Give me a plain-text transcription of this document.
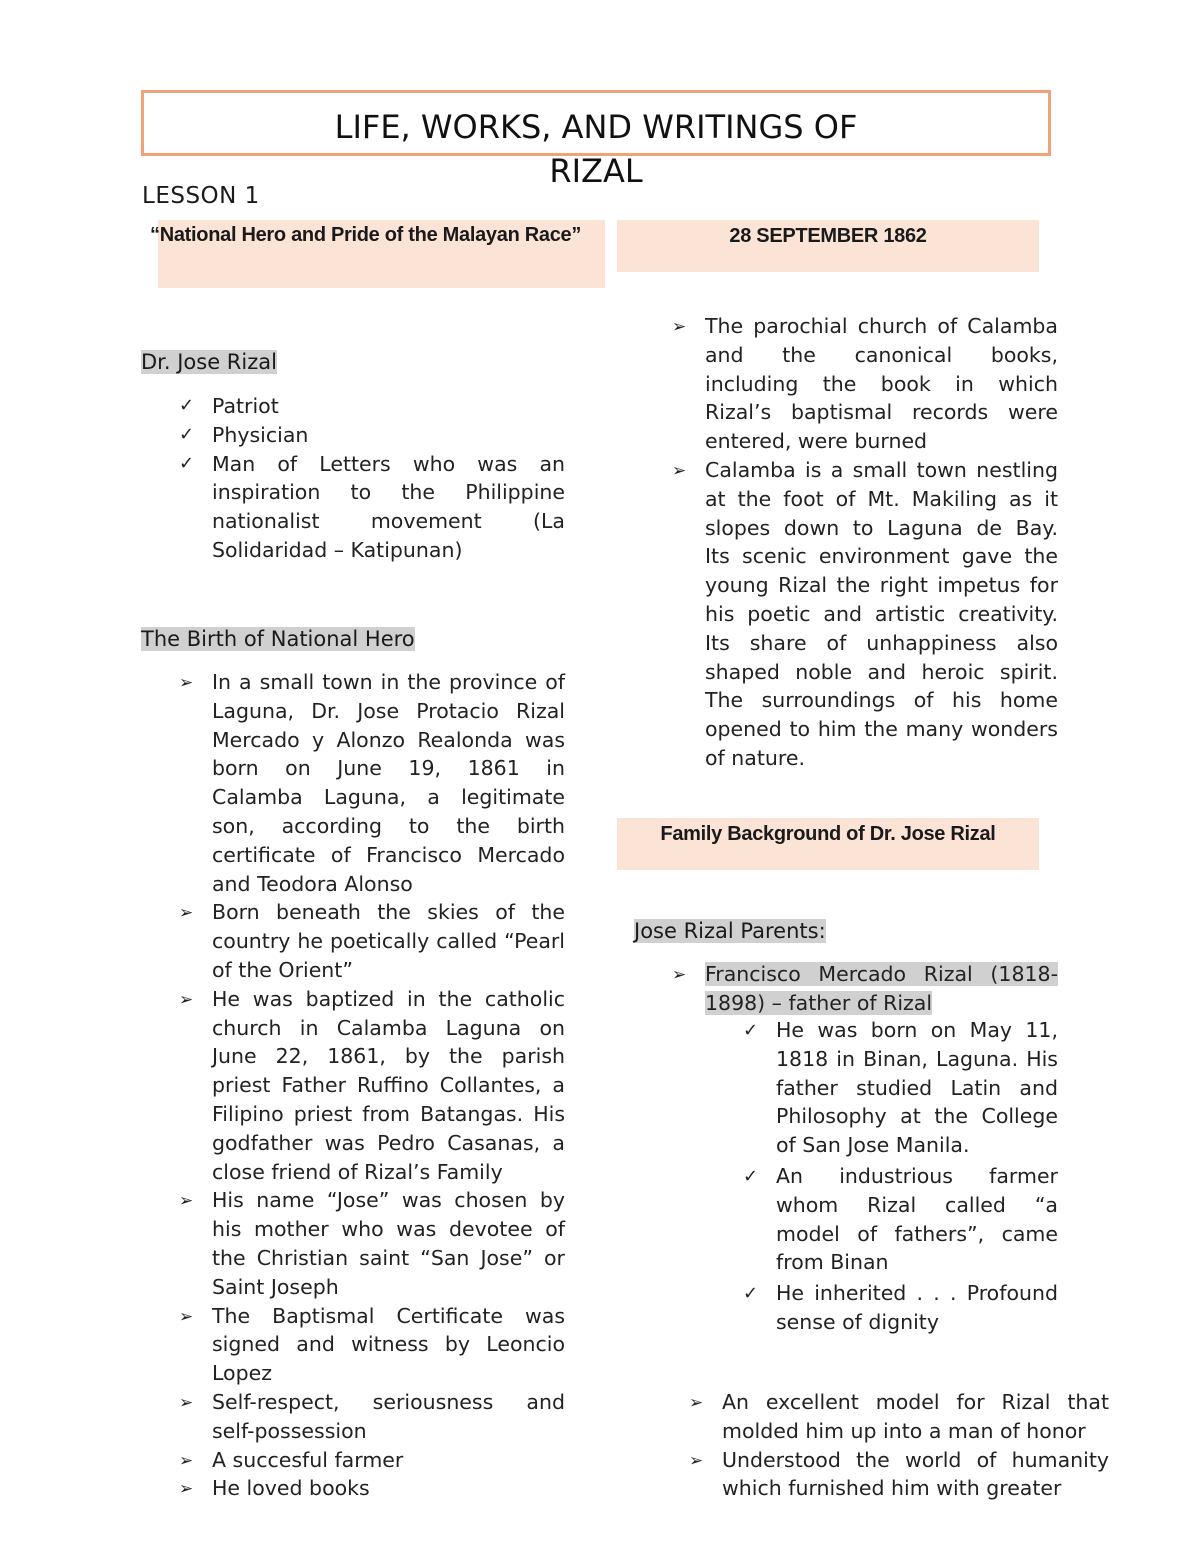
LIFE, WORKS, AND WRITINGS OF
RIZAL
LESSON 1
“National Hero and Pride of the Malayan Race”	28 SEPTEMBER 1862
Family Background of Dr. Jose Rizal
Dr. Jose Rizal
✓ Patriot
✓ Physician
✓ Man of Letters who was an
inspiration to the Philippine
nationalist movement (La
Solidaridad – Katipunan)
The Birth of National Hero
➢ In a small town in the province of
Laguna, Dr. Jose Protacio Rizal
Mercado y Alonzo Realonda was
born on June 19, 1861 in
Calamba Laguna, a legitimate
son, according to the birth
certificate of Francisco Mercado
and Teodora Alonso
➢ Born beneath the skies of the
country he poetically called “Pearl
of the Orient”
➢ He was baptized in the catholic
church in Calamba Laguna on
June 22, 1861, by the parish
priest Father Ruffino Collantes, a
Filipino priest from Batangas. His
godfather was Pedro Casanas, a
close friend of Rizal’s Family
➢ His name “Jose” was chosen by
his mother who was devotee of
the Christian saint “San Jose” or
Saint Joseph
➢ The Baptismal Certificate was
signed and witness by Leoncio
Lopez
➢ Self-respect, seriousness and
self-possession
➢ A succesful farmer
➢ He loved books
➢ The parochial church of Calamba
and the canonical books,
including the book in which
Rizal’s baptismal records were
entered, were burned
➢ Calamba is a small town nestling
at the foot of Mt. Makiling as it
slopes down to Laguna de Bay.
Its scenic environment gave the
young Rizal the right impetus for
his poetic and artistic creativity.
Its share of unhappiness also
shaped noble and heroic spirit.
The surroundings of his home
opened to him the many wonders
of nature.
Jose Rizal Parents:
➢ Francisco Mercado Rizal (1818-
1898) – father of Rizal
✓ He was born on May 11,
1818 in Binan, Laguna. His
father studied Latin and
Philosophy at the College
of San Jose Manila.
✓ An industrious farmer
whom Rizal called “a
model of fathers”, came
from Binan
✓ He inherited . . . Profound
sense of dignity
➢ An excellent model for Rizal that
molded him up into a man of honor
➢ Understood the world of humanity
which furnished him with greater
